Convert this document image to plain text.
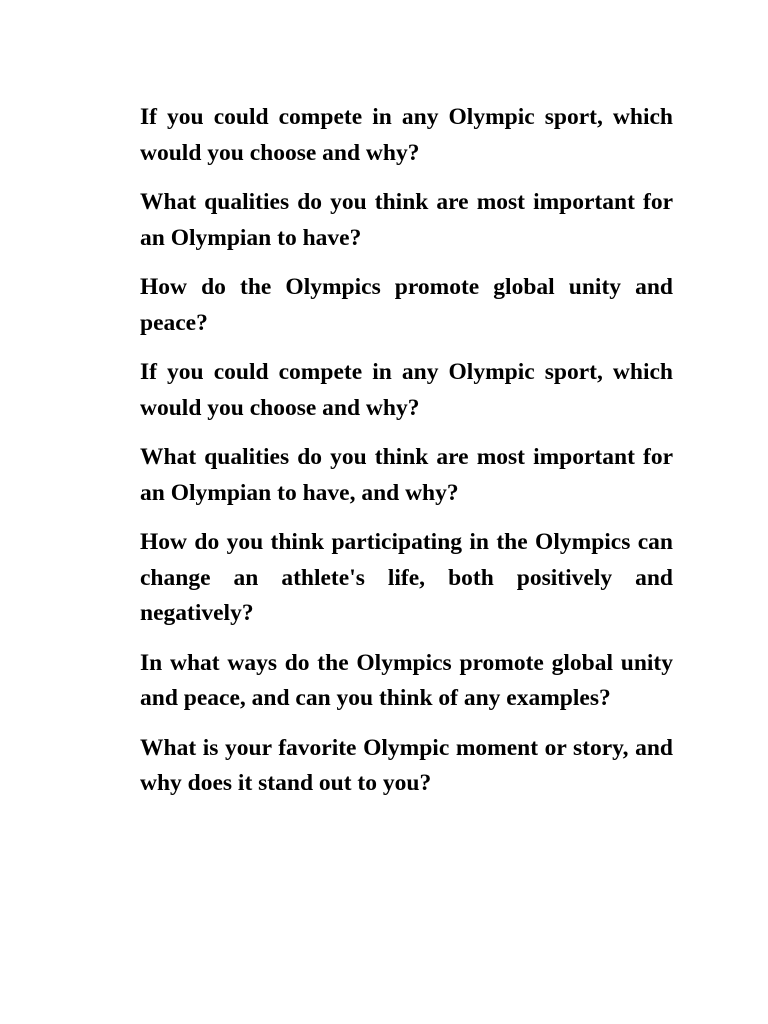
If you could compete in any Olympic sport, which would you choose and why?

What qualities do you think are most important for an Olympian to have?

How do the Olympics promote global unity and peace?

If you could compete in any Olympic sport, which would you choose and why?

What qualities do you think are most important for an Olympian to have, and why?

How do you think participating in the Olympics can change an athlete's life, both positively and negatively?

In what ways do the Olympics promote global unity and peace, and can you think of any examples?

What is your favorite Olympic moment or story, and why does it stand out to you?
